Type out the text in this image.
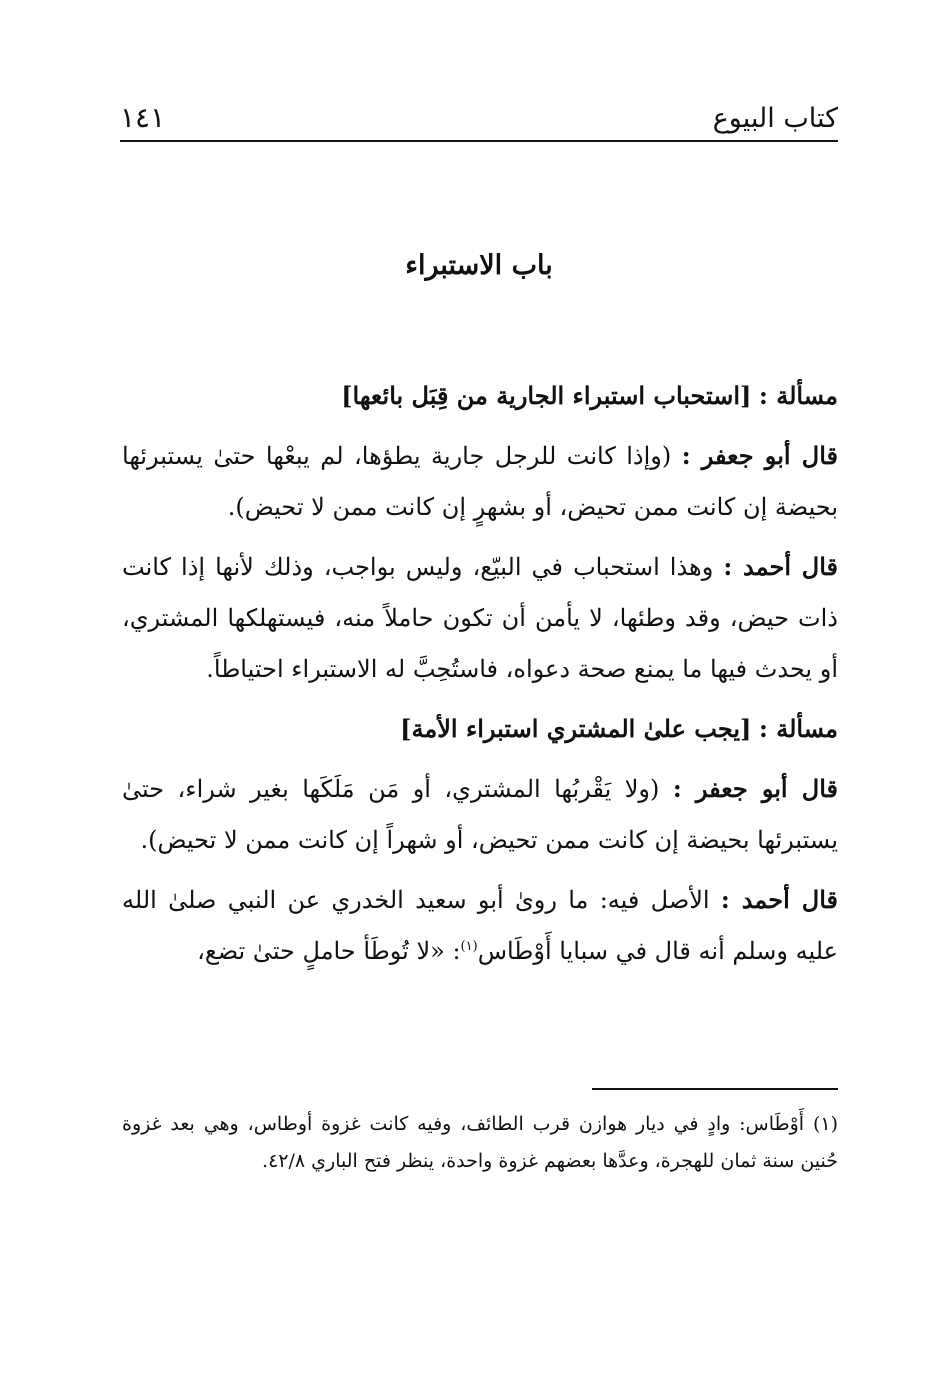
كتاب البيوع
١٤١
باب الاستبراء

مسألة : [استحباب استبراء الجارية من قِبَل بائعها]

قال أبو جعفر : (وإذا كانت للرجل جارية يطؤها، لم يبعْها حتىٰ يستبرئها بحيضة إن كانت ممن تحيض، أو بشهرٍ إن كانت ممن لا تحيض).

قال أحمد : وهذا استحباب في البيّع، وليس بواجب، وذلك لأنها إذا كانت ذات حيض، وقد وطئها، لا يأمن أن تكون حاملاً منه، فيستهلكها المشتري، أو يحدث فيها ما يمنع صحة دعواه، فاستُحِبَّ له الاستبراء احتياطاً.

مسألة : [يجب علىٰ المشتري استبراء الأمة]

قال أبو جعفر : (ولا يَقْربُها المشتري، أو مَن مَلَكَها بغير شراء، حتىٰ يستبرئها بحيضة إن كانت ممن تحيض، أو شهراً إن كانت ممن لا تحيض).

قال أحمد : الأصل فيه: ما روىٰ أبو سعيد الخدري عن النبي صلىٰ الله عليه وسلم أنه قال في سبايا أَوْطَاس$^{(١)}$: «لا تُوطَأ حاملٍ حتىٰ تضع،

(١) أَوْطَاس: وادٍ في ديار هوازن قرب الطائف، وفيه كانت غزوة أوطاس، وهي بعد غزوة حُنين سنة ثمان للهجرة، وعدَّها بعضهم غزوة واحدة، ينظر فتح الباري ٤٢/٨.
